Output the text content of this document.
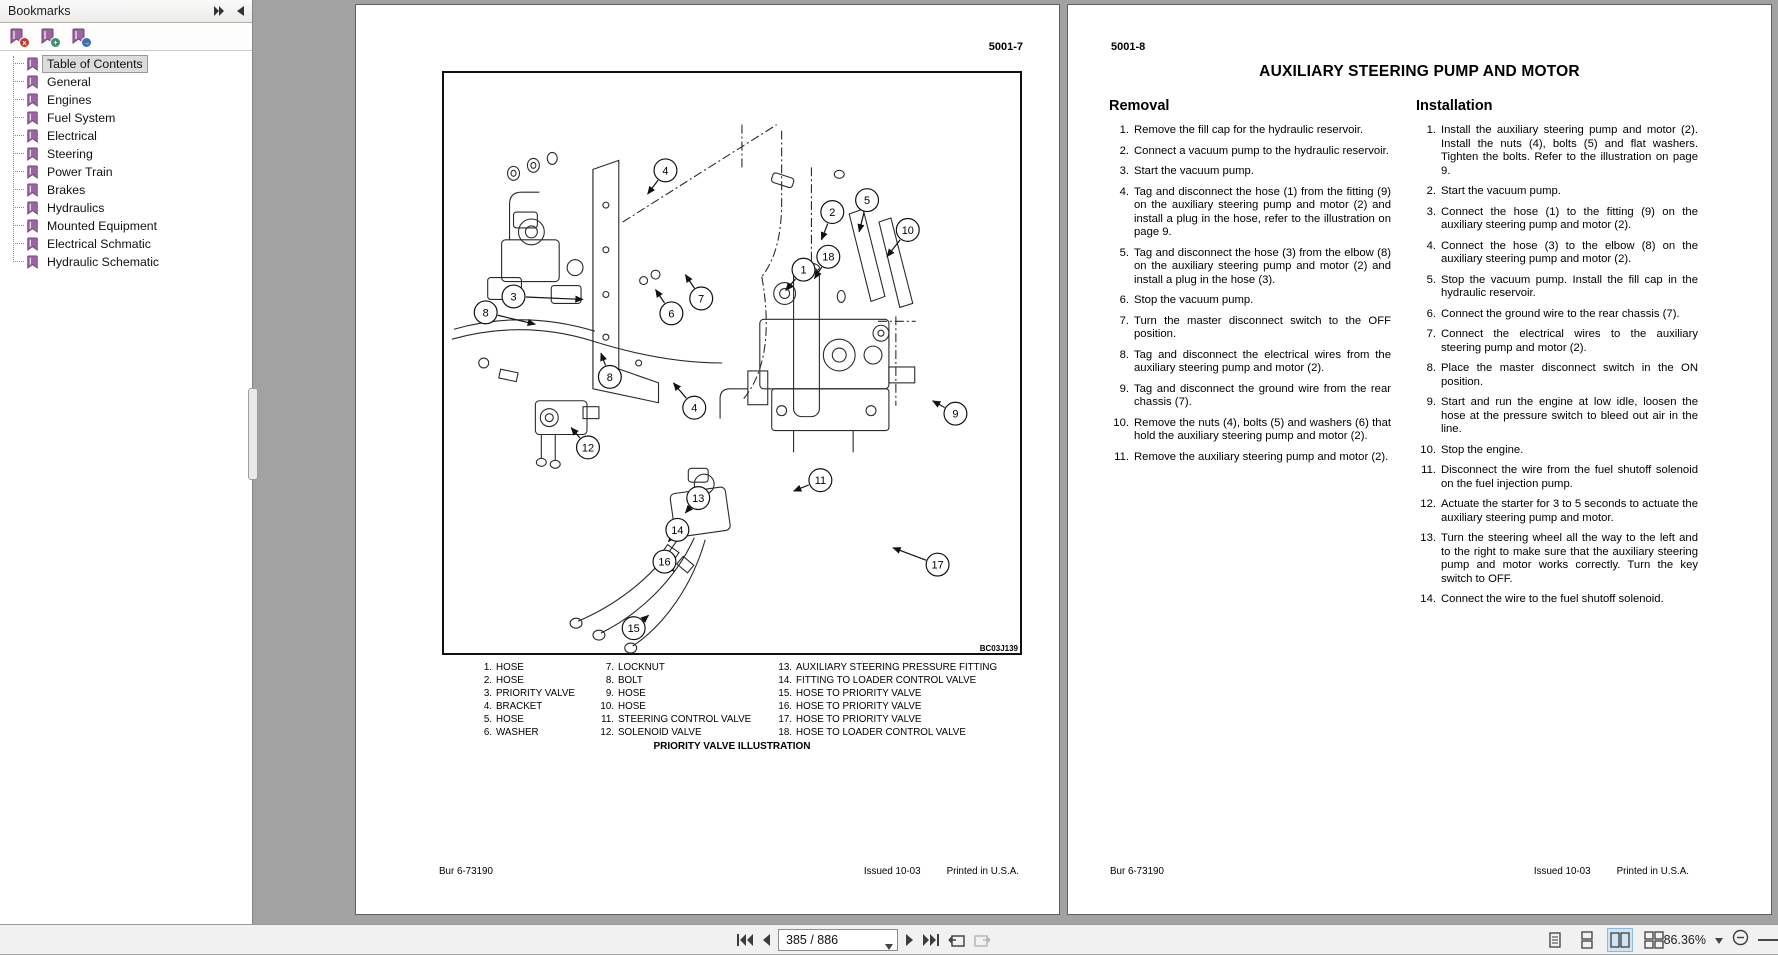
Bookmarks
x	+	→
Table of Contents
General
Engines
Fuel System
Electrical
Steering
Power Train
Brakes
Hydraulics
Mounted Equipment
Electrical Schmatic
Hydraulic Schematic
5001-7
4
2
5
10
18
1
3
8
7
6
8
4
12
9
11
13
14
16	17
15
BC03J139
1. HOSE
2. HOSE
3. PRIORITY VALVE
4. BRACKET
5. HOSE
6. WASHER
7. LOCKNUT
8. BOLT
9. HOSE
10. HOSE
11. STEERING CONTROL VALVE
12. SOLENOID VALVE
13. AUXILIARY STEERING PRESSURE FITTING
14. FITTING TO LOADER CONTROL VALVE
15. HOSE TO PRIORITY VALVE
16. HOSE TO PRIORITY VALVE
17. HOSE TO PRIORITY VALVE
18. HOSE TO LOADER CONTROL VALVE
PRIORITY VALVE ILLUSTRATION
Bur 6-73190	Issued 10-03	Printed in U.S.A.
5001-8
AUXILIARY STEERING PUMP AND MOTOR
Removal	Installation
1. Remove the fill cap for the hydraulic reservoir.
2. Connect a vacuum pump to the hydraulic reservoir.
3. Start the vacuum pump.
4. Tag and disconnect the hose (1) from the fitting (9) on the auxiliary steering pump and motor (2) and install a plug in the hose, refer to the illustration on page 9.
5. Tag and disconnect the hose (3) from the elbow (8) on the auxiliary steering pump and motor (2) and install a plug in the hose (3).
6. Stop the vacuum pump.
7. Turn the master disconnect switch to the OFF position.
8. Tag and disconnect the electrical wires from the auxiliary steering pump and motor (2).
9. Tag and disconnect the ground wire from the rear chassis (7).
10. Remove the nuts (4), bolts (5) and washers (6) that hold the auxiliary steering pump and motor (2).
11. Remove the auxiliary steering pump and motor (2).
1. Install the auxiliary steering pump and motor (2). Install the nuts (4), bolts (5) and flat washers. Tighten the bolts. Refer to the illustration on page 9.
2. Start the vacuum pump.
3. Connect the hose (1) to the fitting (9) on the auxiliary steering pump and motor (2).
4. Connect the hose (3) to the elbow (8) on the auxiliary steering pump and motor (2).
5. Stop the vacuum pump. Install the fill cap in the hydraulic reservoir.
6. Connect the ground wire to the rear chassis (7).
7. Connect the electrical wires to the auxiliary steering pump and motor (2).
8. Place the master disconnect switch in the ON position.
9. Start and run the engine at low idle, loosen the hose at the pressure switch to bleed out air in the line.
10. Stop the engine.
11. Disconnect the wire from the fuel shutoff solenoid on the fuel injection pump.
12. Actuate the starter for 3 to 5 seconds to actuate the auxiliary steering pump and motor.
13. Turn the steering wheel all the way to the left and to the right to make sure that the auxiliary steering pump and motor works correctly. Turn the key switch to OFF.
14. Connect the wire to the fuel shutoff solenoid.
Bur 6-73190	Issued 10-03	Printed in U.S.A.
385 / 886
86.36%
